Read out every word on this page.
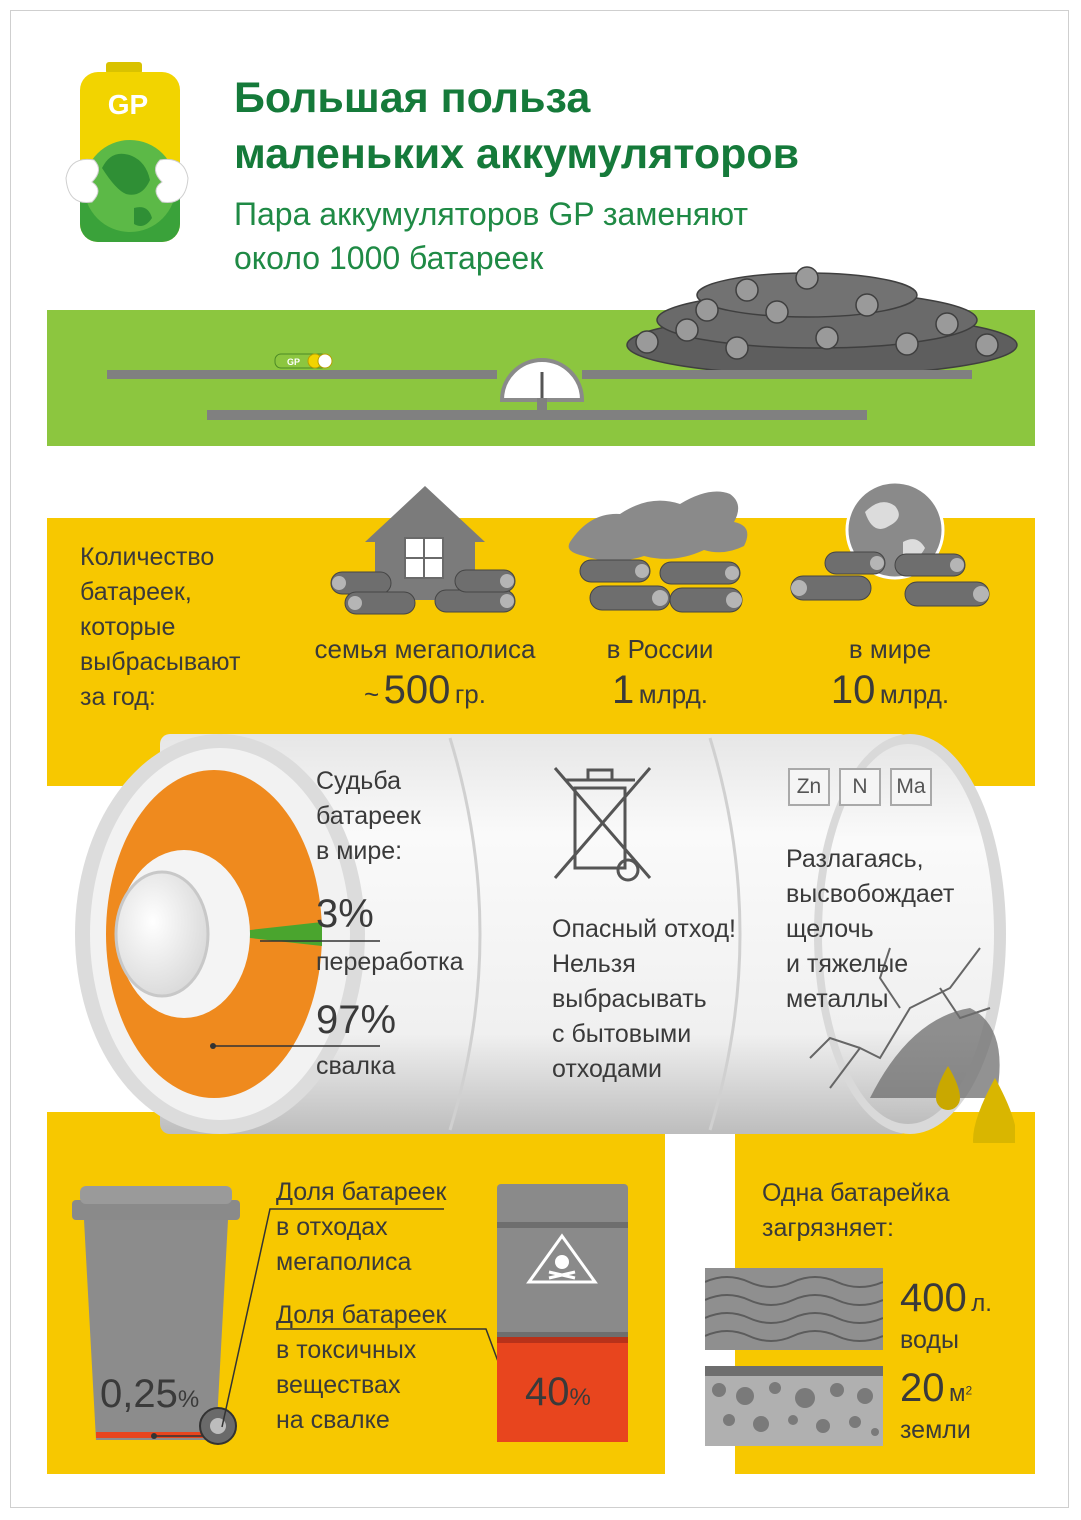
GP Большая польза
маленьких аккумуляторов
Пара аккумуляторов GP заменяют
около 1000 батареек
GP
Количество
батареек,
которые
выбрасывают
за год:
семья мегаполиса
~ 500 гр.
в России
1 млрд.
в мире
10 млрд.
Судьба
батареек
в мире:
3%
переработка
97%
свалка
Опасный отход!
Нельзя
выбрасывать
с бытовыми
отходами
Zn	N	Ma
Разлагаясь,
высвобождает
щелочь
и тяжелые
металлы
0,25%
Доля батареек
в отходах
мегаполиса
Доля батареек
в токсичных
веществах
на свалке
40%
Одна батарейка
загрязняет:
400 л.
воды
20 $м^2$
земли
